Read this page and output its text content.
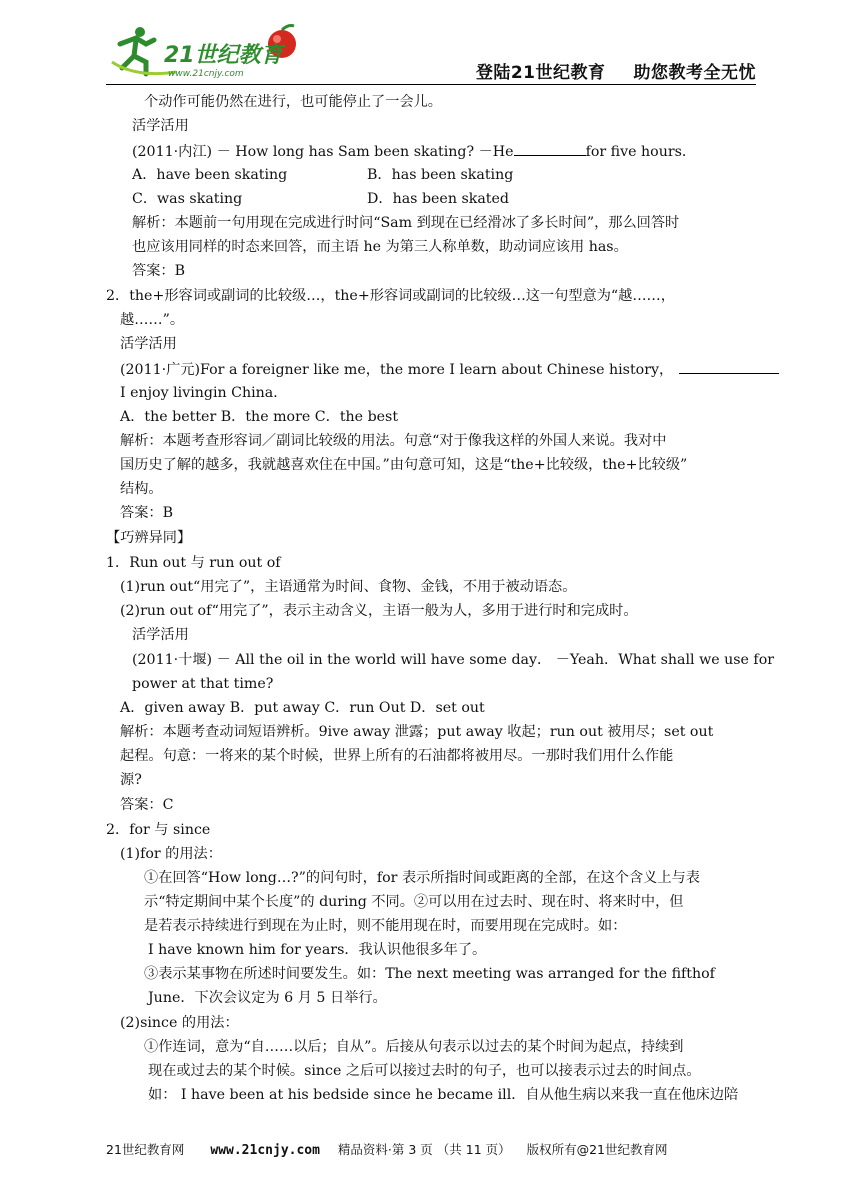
21世纪教育
www.21cnjy.com	登陆21世纪教育 助您教考全无忧
个动作可能仍然在进行，也可能停止了一会儿。
活学活用
(2011·内江) － How long has Sam been skating? －He	for five hours．
A．have been skating	B．has been skating
C．was skating	D．has been skated
解析：本题前一句用现在完成进行时问“Sam 到现在已经滑冰了多长时间”，那么回答时
也应该用同样的时态来回答，而主语 he 为第三人称单数，助动词应该用 has。
答案：B
2．the+形容词或副词的比较级…，the+形容词或副词的比较级…这一句型意为“越……，
越……”。
活学活用
(2011·广元)For a foreigner like me，the more I learn about Chinese history，
I enjoy livingin China．
A．the better B．the more C．the best
解析：本题考查形容词／副词比较级的用法。句意“对于像我这样的外国人来说。我对中
国历史了解的越多，我就越喜欢住在中国。”由句意可知，这是“the+比较级，the+比较级”
结构。
答案：B
【巧辨异同】
1．Run out 与 run out of
(1)run out“用完了”，主语通常为时间、食物、金钱，不用于被动语态。
(2)run out of“用完了”，表示主动含义，主语一般为人，多用于进行时和完成时。
活学活用
(2011·十堰) － All the oil in the world will have some day． －Yeah．What shall we use for
power at that time?
A．given away B．put away C．run Out D．set out
解析：本题考查动词短语辨析。9ive away 泄露；put away 收起；run out 被用尽；set out
起程。句意：一将来的某个时候，世界上所有的石油都将被用尽。一那时我们用什么作能
源?
答案：C
2．for 与 since
(1)for 的用法：
①在回答“How long…?”的问句时，for 表示所指时间或距离的全部，在这个含义上与表
示“特定期间中某个长度”的 during 不同。②可以用在过去时、现在时、将来时中，但
是若表示持续进行到现在为止时，则不能用现在时，而要用现在完成时。如：
I have known him for years．我认识他很多年了。
③表示某事物在所述时间要发生。如：The next meeting was arranged for the fifthof
June．下次会议定为 6 月 5 日举行。
(2)since 的用法：
①作连词，意为“自……以后；自从”。后接从句表示以过去的某个时间为起点，持续到
现在或过去的某个时候。since 之后可以接过去时的句子，也可以接表示过去的时间点。
如： I have been at his bedside since he became ill．自从他生病以来我一直在他床边陪
21世纪教育网 www.21cnjy.com 精品资料·第 3 页 （共 11 页） 版权所有@21世纪教育网
